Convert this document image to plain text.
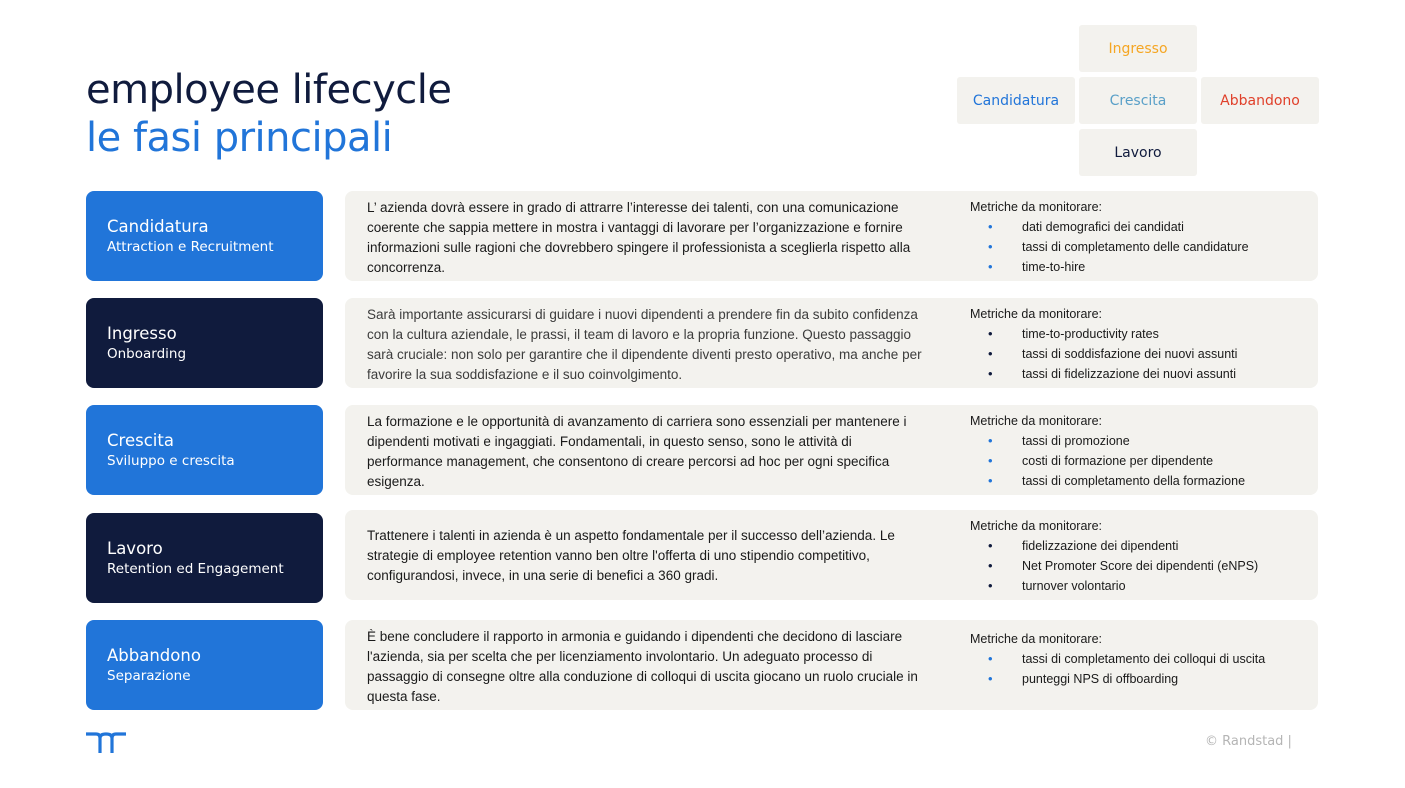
employee lifecycle
le fasi principali
Ingresso
Candidatura	Crescita	Abbandono
Lavoro
Candidatura
Attraction e Recruitment
L’ azienda dovrà essere in grado di attrarre l’interesse dei talenti, con una comunicazione coerente che sappia mettere in mostra i vantaggi di lavorare per l’organizzazione e fornire informazioni sulle ragioni che dovrebbero spingere il professionista a sceglierla rispetto alla concorrenza.
Metriche da monitorare:
• dati demografici dei candidati
• tassi di completamento delle candidature
• time-to-hire
Ingresso
Onboarding
Sarà importante assicurarsi di guidare i nuovi dipendenti a prendere fin da subito confidenza con la cultura aziendale, le prassi, il team di lavoro e la propria funzione. Questo passaggio sarà cruciale: non solo per garantire che il dipendente diventi presto operativo, ma anche per favorire la sua soddisfazione e il suo coinvolgimento.
Metriche da monitorare:
• time-to-productivity rates
• tassi di soddisfazione dei nuovi assunti
• tassi di fidelizzazione dei nuovi assunti
Crescita
Sviluppo e crescita
La formazione e le opportunità di avanzamento di carriera sono essenziali per mantenere i dipendenti motivati e ingaggiati. Fondamentali, in questo senso, sono le attività di performance management, che consentono di creare percorsi ad hoc per ogni specifica esigenza.
Metriche da monitorare:
• tassi di promozione
• costi di formazione per dipendente
• tassi di completamento della formazione
Lavoro
Retention ed Engagement
Trattenere i talenti in azienda è un aspetto fondamentale per il successo dell’azienda. Le strategie di employee retention vanno ben oltre l'offerta di uno stipendio competitivo, configurandosi, invece, in una serie di benefici a 360 gradi.
Metriche da monitorare:
• fidelizzazione dei dipendenti
• Net Promoter Score dei dipendenti (eNPS)
• turnover volontario
Abbandono
Separazione
È bene concludere il rapporto in armonia e guidando i dipendenti che decidono di lasciare l'azienda, sia per scelta che per licenziamento involontario. Un adeguato processo di passaggio di consegne oltre alla conduzione di colloqui di uscita giocano un ruolo cruciale in questa fase.
Metriche da monitorare:
• tassi di completamento dei colloqui di uscita
• punteggi NPS di offboarding
© Randstad |
